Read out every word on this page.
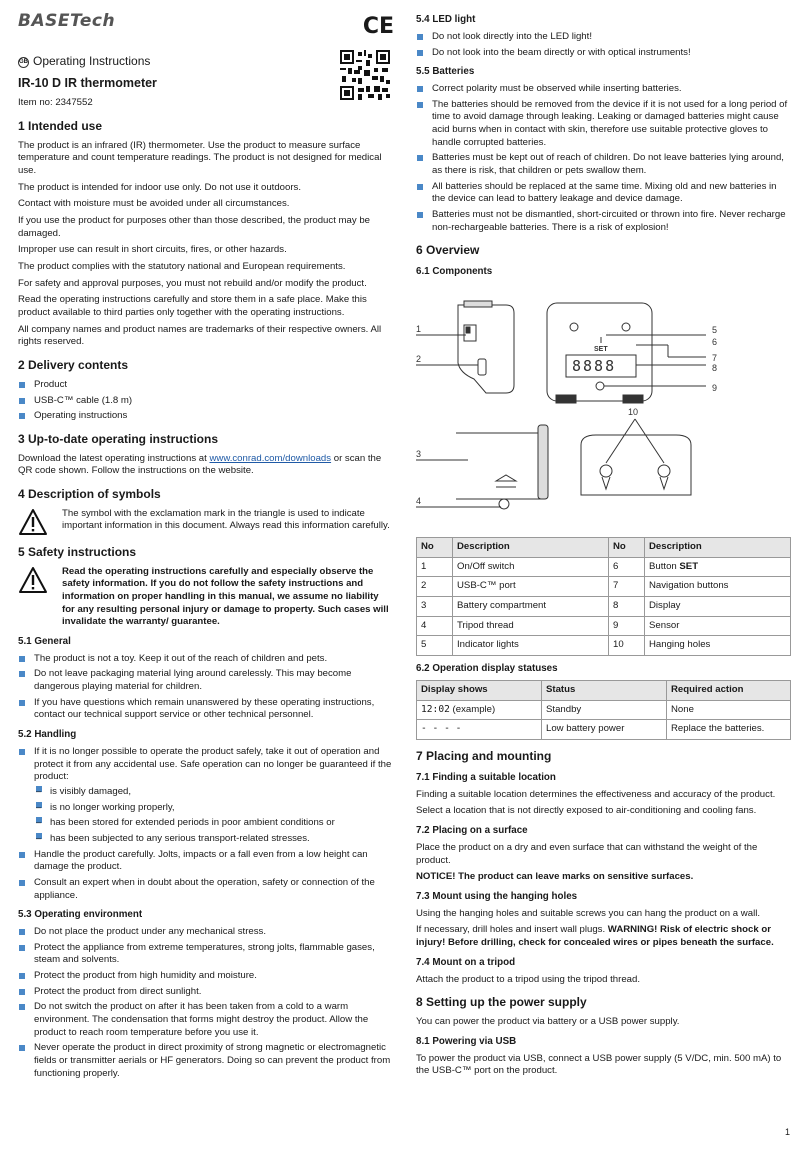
BASETech	CE
GB Operating Instructions
IR-10 D IR thermometer
Item no: 2347552
1 Intended use

The product is an infrared (IR) thermometer. Use the product to measure surface temperature and count temperature readings. The product is not designed for medical use.

The product is intended for indoor use only. Do not use it outdoors.

Contact with moisture must be avoided under all circumstances.

If you use the product for purposes other than those described, the product may be damaged.

Improper use can result in short circuits, fires, or other hazards.

The product complies with the statutory national and European requirements.

For safety and approval purposes, you must not rebuild and/or modify the product.

Read the operating instructions carefully and store them in a safe place. Make this product available to third parties only together with the operating instructions.

All company names and product names are trademarks of their respective owners. All rights reserved.

2 Delivery contents
Product
USB-C™ cable (1.8 m)
Operating instructions
3 Up-to-date operating instructions

Download the latest operating instructions at www.conrad.com/downloads or scan the QR code shown. Follow the instructions on the website.

4 Description of symbols
The symbol with the exclamation mark in the triangle is used to indicate important information in this document. Always read this information carefully.
5 Safety instructions
Read the operating instructions carefully and especially observe the safety information. If you do not follow the safety instructions and information on proper handling in this manual, we assume no liability for any resulting personal injury or damage to property. Such cases will invalidate the warranty/ guarantee.
5.1 General
The product is not a toy. Keep it out of the reach of children and pets.
Do not leave packaging material lying around carelessly. This may become dangerous playing material for children.
If you have questions which remain unanswered by these operating instructions, contact our technical support service or other technical personnel.
5.2 Handling
If it is no longer possible to operate the product safely, take it out of operation and protect it from any accidental use. Safe operation can no longer be guaranteed if the product:
– is visibly damaged,
– is no longer working properly,
– has been stored for extended periods in poor ambient conditions or
– has been subjected to any serious transport-related stresses.
Handle the product carefully. Jolts, impacts or a fall even from a low height can damage the product.
Consult an expert when in doubt about the operation, safety or connection of the appliance.
5.3 Operating environment
Do not place the product under any mechanical stress.
Protect the appliance from extreme temperatures, strong jolts, flammable gases, steam and solvents.
Protect the product from high humidity and moisture.
Protect the product from direct sunlight.
Do not switch the product on after it has been taken from a cold to a warm environment. The condensation that forms might destroy the product. Allow the product to reach room temperature before you use it.
Never operate the product in direct proximity of strong magnetic or electromagnetic fields or transmitter aerials or HF generators. Doing so can prevent the product from functioning properly.
5.4 LED light
Do not look directly into the LED light!
Do not look into the beam directly or with optical instruments!
5.5 Batteries
Correct polarity must be observed while inserting batteries.
The batteries should be removed from the device if it is not used for a long period of time to avoid damage through leaking. Leaking or damaged batteries might cause acid burns when in contact with skin, therefore use suitable protective gloves to handle corrupted batteries.
Batteries must be kept out of reach of children. Do not leave batteries lying around, as there is risk, that children or pets swallow them.
All batteries should be replaced at the same time. Mixing old and new batteries in the device can lead to battery leakage and device damage.
Batteries must not be dismantled, short-circuited or thrown into fire. Never recharge non-rechargeable batteries. There is a risk of explosion!
6 Overview
6.1 Components
1
2
3
4
5
6
7
8
9
10
SET
8888
No	Description	No	Description
1	On/Off switch	6	Button SET
2	USB-C™ port	7	Navigation buttons
3	Battery compartment	8	Display
4	Tripod thread	9	Sensor
5	Indicator lights	10	Hanging holes
6.2 Operation display statuses
Display shows	Status	Required action
12:02 (example)	Standby	None
- - - -	Low battery power	Replace the batteries.
7 Placing and mounting
7.1 Finding a suitable location

Finding a suitable location determines the effectiveness and accuracy of the product.

Select a location that is not directly exposed to air-conditioning and cooling fans.

7.2 Placing on a surface

Place the product on a dry and even surface that can withstand the weight of the product.

NOTICE! The product can leave marks on sensitive surfaces.

7.3 Mount using the hanging holes

Using the hanging holes and suitable screws you can hang the product on a wall.

If necessary, drill holes and insert wall plugs. WARNING! Risk of electric shock or injury! Before drilling, check for concealed wires or pipes beneath the surface.

7.4 Mount on a tripod

Attach the product to a tripod using the tripod thread.

8 Setting up the power supply

You can power the product via battery or a USB power supply.

8.1 Powering via USB

To power the product via USB, connect a USB power supply (5 V/DC, min. 500 mA) to the USB-C™ port on the product.

1
